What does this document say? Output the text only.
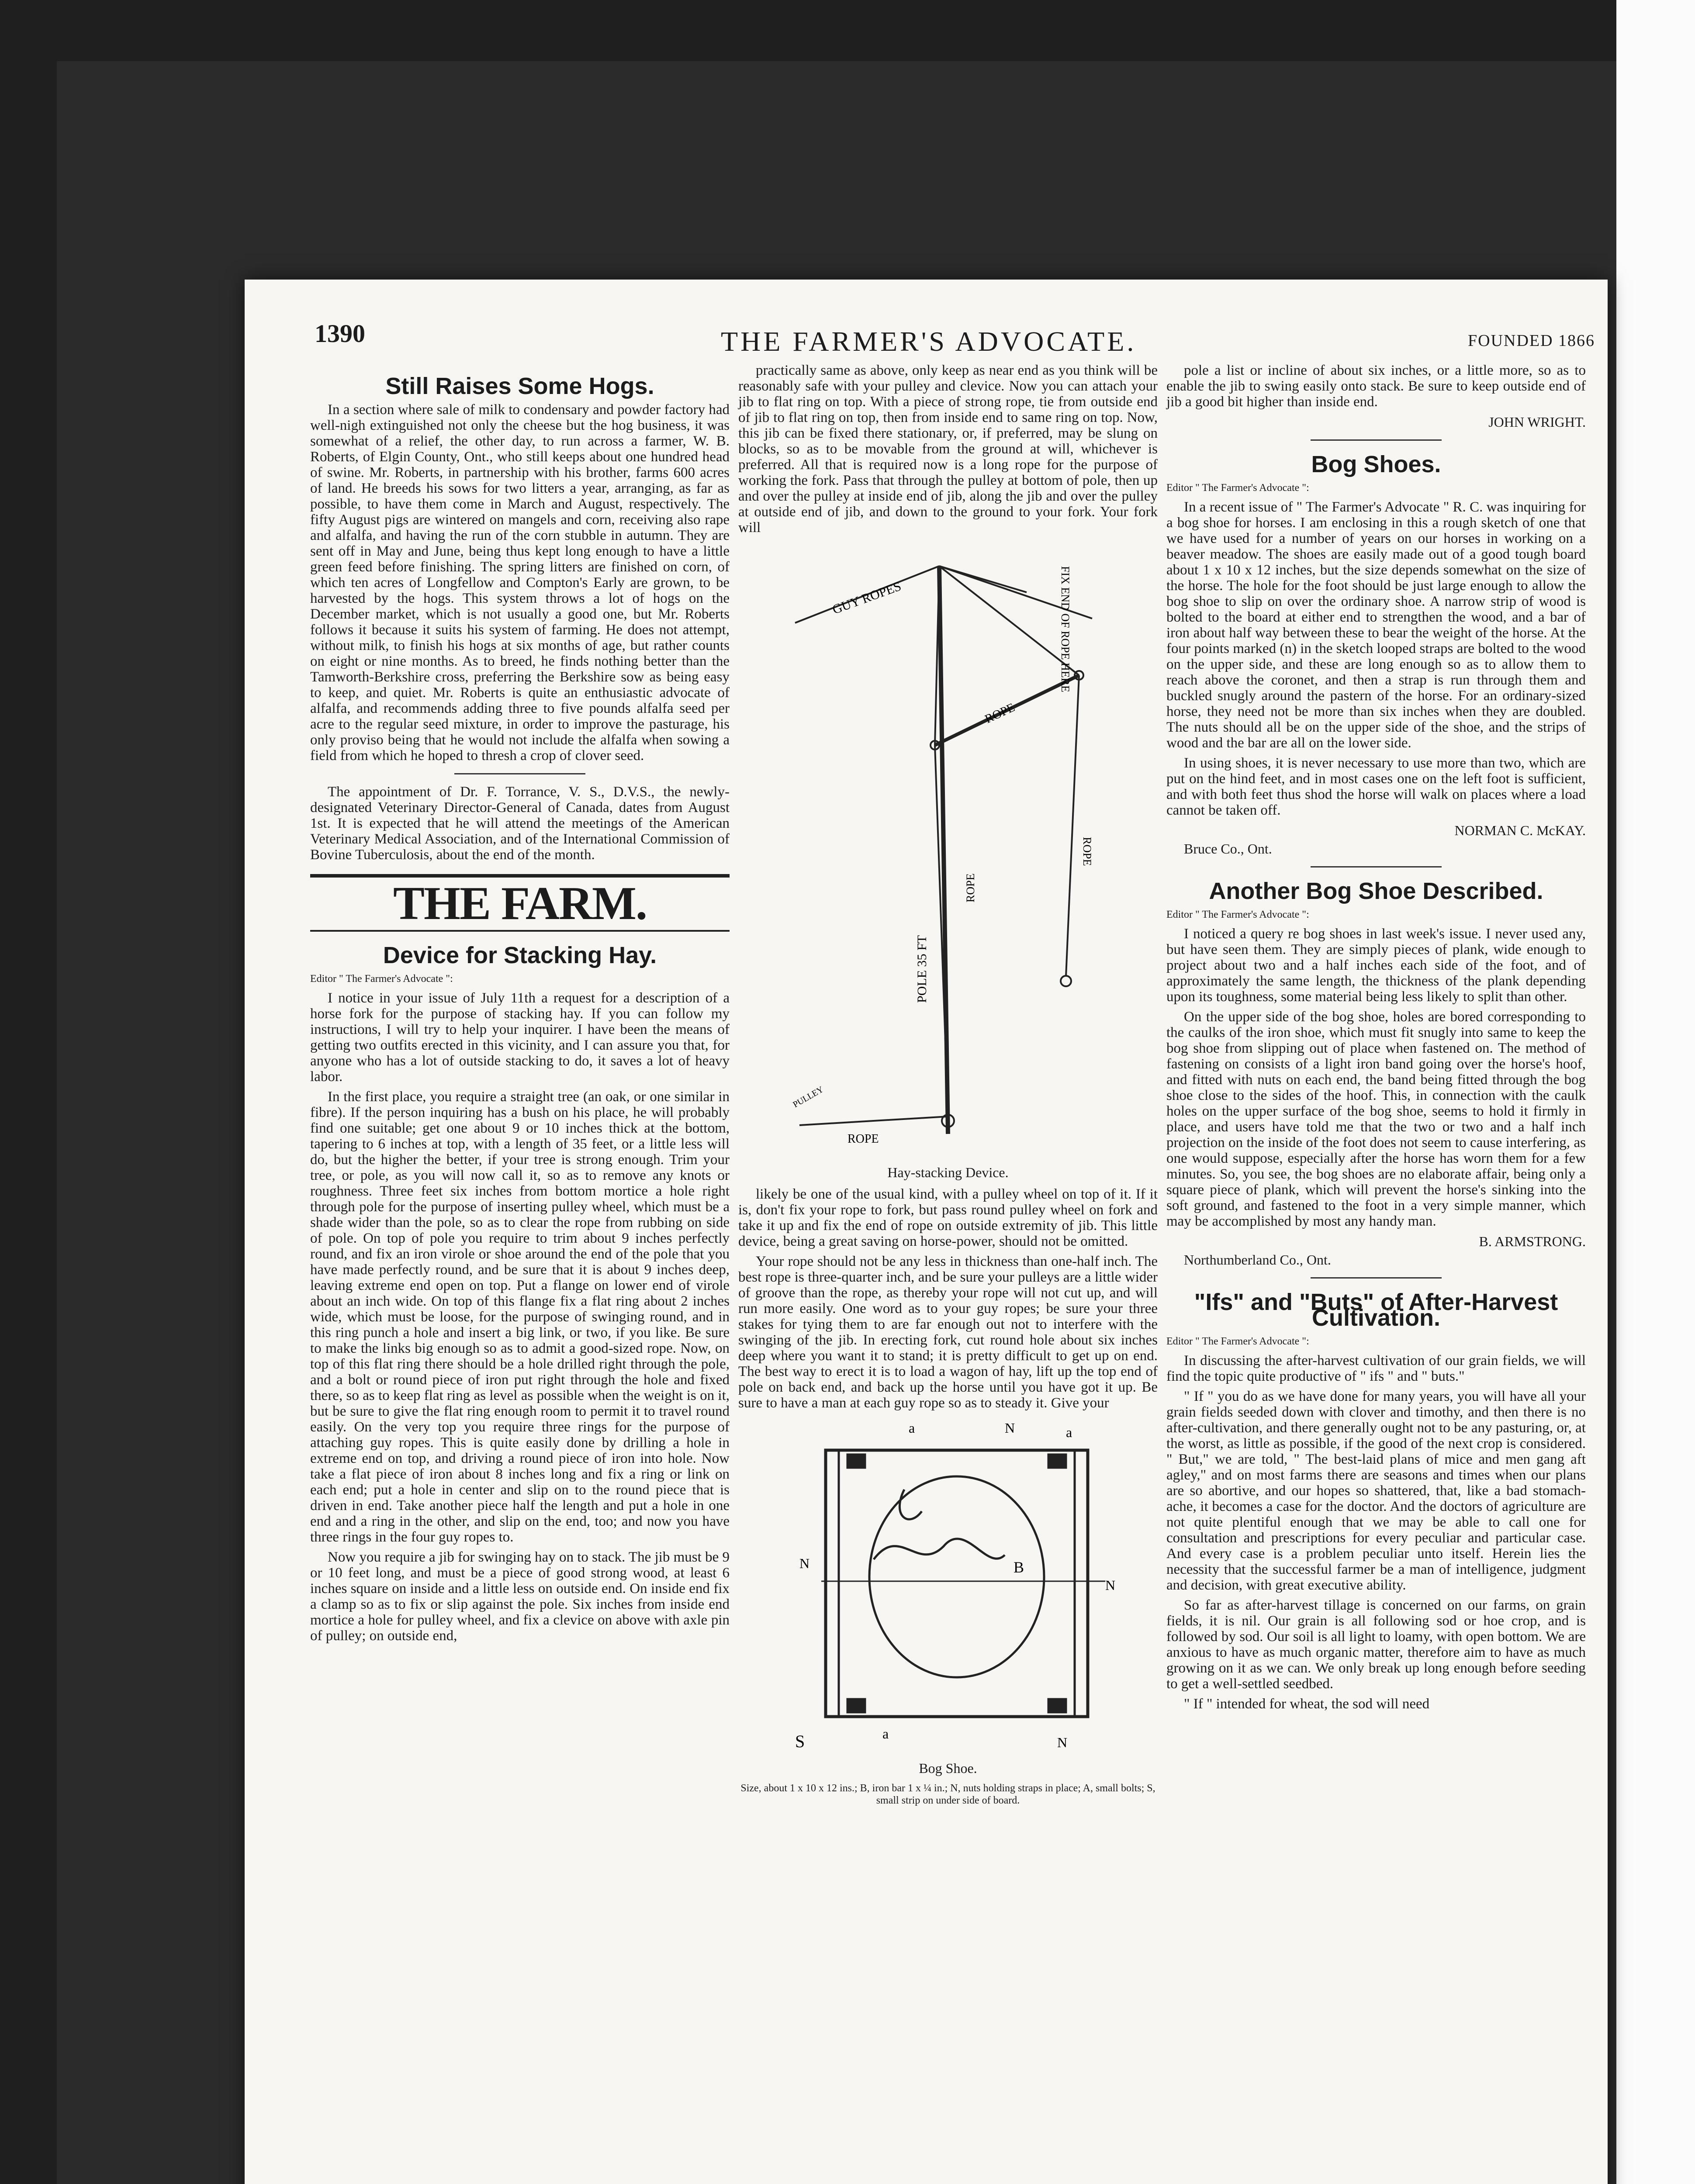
1390	THE FARMER'S ADVOCATE.	FOUNDED 1866
Still Raises Some Hogs.

In a section where sale of milk to condensary and powder factory had well-nigh extinguished not only the cheese but the hog business, it was somewhat of a relief, the other day, to run across a farmer, W. B. Roberts, of Elgin County, Ont., who still keeps about one hundred head of swine. Mr. Roberts, in partnership with his brother, farms 600 acres of land. He breeds his sows for two litters a year, arranging, as far as possible, to have them come in March and August, respectively. The fifty August pigs are wintered on mangels and corn, receiving also rape and alfalfa, and having the run of the corn stubble in autumn. They are sent off in May and June, being thus kept long enough to have a little green feed before finishing. The spring litters are finished on corn, of which ten acres of Longfellow and Compton's Early are grown, to be harvested by the hogs. This system throws a lot of hogs on the December market, which is not usually a good one, but Mr. Roberts follows it because it suits his system of farming. He does not attempt, without milk, to finish his hogs at six months of age, but rather counts on eight or nine months. As to breed, he finds nothing better than the Tamworth-Berkshire cross, preferring the Berkshire sow as being easy to keep, and quiet. Mr. Roberts is quite an enthusiastic advocate of alfalfa, and recommends adding three to five pounds alfalfa seed per acre to the regular seed mixture, in order to improve the pasturage, his only proviso being that he would not include the alfalfa when sowing a field from which he hoped to thresh a crop of clover seed.

The appointment of Dr. F. Torrance, V. S., D.V.S., the newly-designated Veterinary Director-General of Canada, dates from August 1st. It is expected that he will attend the meetings of the American Veterinary Medical Association, and of the International Commission of Bovine Tuberculosis, about the end of the month.

THE FARM.
Device for Stacking Hay.
Editor " The Farmer's Advocate ":

I notice in your issue of July 11th a request for a description of a horse fork for the purpose of stacking hay. If you can follow my instructions, I will try to help your inquirer. I have been the means of getting two outfits erected in this vicinity, and I can assure you that, for anyone who has a lot of outside stacking to do, it saves a lot of heavy labor.

In the first place, you require a straight tree (an oak, or one similar in fibre). If the person inquiring has a bush on his place, he will probably find one suitable; get one about 9 or 10 inches thick at the bottom, tapering to 6 inches at top, with a length of 35 feet, or a little less will do, but the higher the better, if your tree is strong enough. Trim your tree, or pole, as you will now call it, so as to remove any knots or roughness. Three feet six inches from bottom mortice a hole right through pole for the purpose of inserting pulley wheel, which must be a shade wider than the pole, so as to clear the rope from rubbing on side of pole. On top of pole you require to trim about 9 inches perfectly round, and fix an iron virole or shoe around the end of the pole that you have made perfectly round, and be sure that it is about 9 inches deep, leaving extreme end open on top. Put a flange on lower end of virole about an inch wide. On top of this flange fix a flat ring about 2 inches wide, which must be loose, for the purpose of swinging round, and in this ring punch a hole and insert a big link, or two, if you like. Be sure to make the links big enough so as to admit a good-sized rope. Now, on top of this flat ring there should be a hole drilled right through the pole, and a bolt or round piece of iron put right through the hole and fixed there, so as to keep flat ring as level as possible when the weight is on it, but be sure to give the flat ring enough room to permit it to travel round easily. On the very top you require three rings for the purpose of attaching guy ropes. This is quite easily done by drilling a hole in extreme end on top, and driving a round piece of iron into hole. Now take a flat piece of iron about 8 inches long and fix a ring or link on each end; put a hole in center and slip on to the round piece that is driven in end. Take another piece half the length and put a hole in one end and a ring in the other, and slip on the end, too; and now you have three rings in the four guy ropes to.

Now you require a jib for swinging hay on to stack. The jib must be 9 or 10 feet long, and must be a piece of good strong wood, at least 6 inches square on inside and a little less on outside end. On inside end fix a clamp so as to fix or slip against the pole. Six inches from inside end mortice a hole for pulley wheel, and fix a clevice on above with axle pin of pulley; on outside end,

practically same as above, only keep as near end as you think will be reasonably safe with your pulley and clevice. Now you can attach your jib to flat ring on top. With a piece of strong rope, tie from outside end of jib to flat ring on top, then from inside end to same ring on top. Now, this jib can be fixed there stationary, or, if preferred, may be slung on blocks, so as to be movable from the ground at will, whichever is preferred. All that is required now is a long rope for the purpose of working the fork. Pass that through the pulley at bottom of pole, then up and over the pulley at inside end of jib, along the jib and over the pulley at outside end of jib, and down to the ground to your fork. Your fork will

GUY ROPES	FIX END OF ROPE HERE
ROPE
ROPE
ROPE
POLE 35 FT
PULLEY
ROPE
Hay-stacking Device.

likely be one of the usual kind, with a pulley wheel on top of it. If it is, don't fix your rope to fork, but pass round pulley wheel on fork and take it up and fix the end of rope on outside extremity of jib. This little device, being a great saving on horse-power, should not be omitted.

Your rope should not be any less in thickness than one-half inch. The best rope is three-quarter inch, and be sure your pulleys are a little wider of groove than the rope, as thereby your rope will not cut up, and will run more easily. One word as to your guy ropes; be sure your three stakes for tying them to are far enough out not to interfere with the swinging of the jib. In erecting fork, cut round hole about six inches deep where you want it to stand; it is pretty difficult to get up on end. The best way to erect it is to load a wagon of hay, lift up the top end of pole on back end, and back up the horse until you have got it up. Be sure to have a man at each guy rope so as to steady it. Give your

a	N	a
N
N
B
S	a
N
Bog Shoe.
Size, about 1 x 10 x 12 ins.; B, iron bar 1 x ¼ in.; N, nuts holding straps in place; A, small bolts; S, small strip on under side of board.

pole a list or incline of about six inches, or a little more, so as to enable the jib to swing easily onto stack. Be sure to keep outside end of jib a good bit higher than inside end.

JOHN WRIGHT.
Bog Shoes.
Editor " The Farmer's Advocate ":

In a recent issue of " The Farmer's Advocate " R. C. was inquiring for a bog shoe for horses. I am enclosing in this a rough sketch of one that we have used for a number of years on our horses in working on a beaver meadow. The shoes are easily made out of a good tough board about 1 x 10 x 12 inches, but the size depends somewhat on the size of the horse. The hole for the foot should be just large enough to allow the bog shoe to slip on over the ordinary shoe. A narrow strip of wood is bolted to the board at either end to strengthen the wood, and a bar of iron about half way between these to bear the weight of the horse. At the four points marked (n) in the sketch looped straps are bolted to the wood on the upper side, and these are long enough so as to allow them to reach above the coronet, and then a strap is run through them and buckled snugly around the pastern of the horse. For an ordinary-sized horse, they need not be more than six inches when they are doubled. The nuts should all be on the upper side of the shoe, and the strips of wood and the bar are all on the lower side.

In using shoes, it is never necessary to use more than two, which are put on the hind feet, and in most cases one on the left foot is sufficient, and with both feet thus shod the horse will walk on places where a load cannot be taken off.

NORMAN C. McKAY.
Bruce Co., Ont.
Another Bog Shoe Described.
Editor " The Farmer's Advocate ":

I noticed a query re bog shoes in last week's issue. I never used any, but have seen them. They are simply pieces of plank, wide enough to project about two and a half inches each side of the foot, and of approximately the same length, the thickness of the plank depending upon its toughness, some material being less likely to split than other.

On the upper side of the bog shoe, holes are bored corresponding to the caulks of the iron shoe, which must fit snugly into same to keep the bog shoe from slipping out of place when fastened on. The method of fastening on consists of a light iron band going over the horse's hoof, and fitted with nuts on each end, the band being fitted through the bog shoe close to the sides of the hoof. This, in connection with the caulk holes on the upper surface of the bog shoe, seems to hold it firmly in place, and users have told me that the two or two and a half inch projection on the inside of the foot does not seem to cause interfering, as one would suppose, especially after the horse has worn them for a few minutes. So, you see, the bog shoes are no elaborate affair, being only a square piece of plank, which will prevent the horse's sinking into the soft ground, and fastened to the foot in a very simple manner, which may be accomplished by most any handy man.

B. ARMSTRONG.
Northumberland Co., Ont.
"Ifs" and "Buts" of After-Harvest Cultivation.
Editor " The Farmer's Advocate ":

In discussing the after-harvest cultivation of our grain fields, we will find the topic quite productive of " ifs " and " buts."

" If " you do as we have done for many years, you will have all your grain fields seeded down with clover and timothy, and then there is no after-cultivation, and there generally ought not to be any pasturing, or, at the worst, as little as possible, if the good of the next crop is considered. " But," we are told, " The best-laid plans of mice and men gang aft agley," and on most farms there are seasons and times when our plans are so abortive, and our hopes so shattered, that, like a bad stomach-ache, it becomes a case for the doctor. And the doctors of agriculture are not quite plentiful enough that we may be able to call one for consultation and prescriptions for every peculiar and particular case. And every case is a problem peculiar unto itself. Herein lies the necessity that the successful farmer be a man of intelligence, judgment and decision, with great executive ability.

So far as after-harvest tillage is concerned on our farms, on grain fields, it is nil. Our grain is all following sod or hoe crop, and is followed by sod. Our soil is all light to loamy, with open bottom. We are anxious to have as much organic matter, therefore aim to have as much growing on it as we can. We only break up long enough before seeding to get a well-settled seedbed.

" If " intended for wheat, the sod will need
